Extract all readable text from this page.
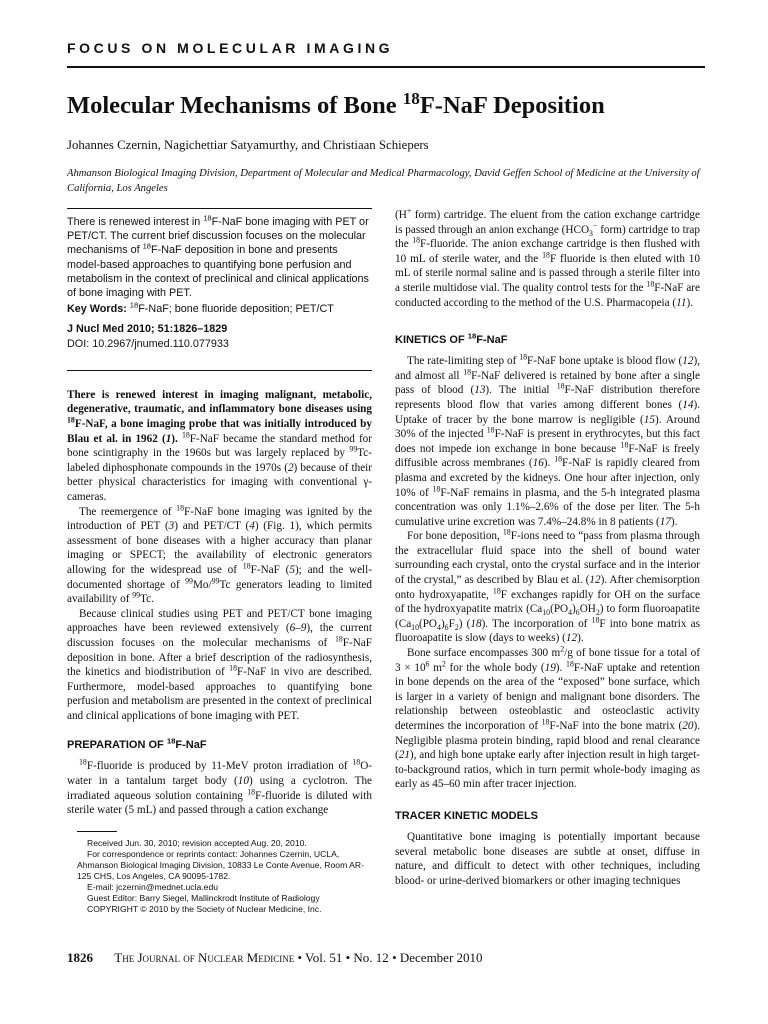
FOCUS ON MOLECULAR IMAGING
Molecular Mechanisms of Bone $^{18}$F-NaF Deposition
Johannes Czernin, Nagichettiar Satyamurthy, and Christiaan Schiepers
Ahmanson Biological Imaging Division, Department of Molecular and Medical Pharmacology, David Geffen School of Medicine at the University of California, Los Angeles

There is renewed interest in $^{18}$F-NaF bone imaging with PET or PET/CT. The current brief discussion focuses on the molecular mechanisms of $^{18}$F-NaF deposition in bone and presents model-based approaches to quantifying bone perfusion and metabolism in the context of preclinical and clinical applications of bone imaging with PET.

Key Words: $^{18}$F-NaF; bone fluoride deposition; PET/CT

J Nucl Med 2010; 51:1826–1829
DOI: 10.2967/jnumed.110.077933

There is renewed interest in imaging malignant, metabolic, degenerative, traumatic, and inflammatory bone diseases using $^{18}$F-NaF, a bone imaging probe that was initially introduced by Blau et al. in 1962 (1). $^{18}$F-NaF became the standard method for bone scintigraphy in the 1960s but was largely replaced by $^{99}$Tc-labeled diphosphonate compounds in the 1970s (2) because of their better physical characteristics for imaging with conventional γ-cameras.

The reemergence of $^{18}$F-NaF bone imaging was ignited by the introduction of PET (3) and PET/CT (4) (Fig. 1), which permits assessment of bone diseases with a higher accuracy than planar imaging or SPECT; the availability of electronic generators allowing for the widespread use of $^{18}$F-NaF (5); and the well-documented shortage of $^{99}$Mo/$^{99}$Tc generators leading to limited availability of $^{99}$Tc.

Because clinical studies using PET and PET/CT bone imaging approaches have been reviewed extensively (6–9), the current discussion focuses on the molecular mechanisms of $^{18}$F-NaF deposition in bone. After a brief description of the radiosynthesis, the kinetics and biodistribution of $^{18}$F-NaF in vivo are described. Furthermore, model-based approaches to quantifying bone perfusion and metabolism are presented in the context of preclinical and clinical applications of bone imaging with PET.

PREPARATION OF $^{18}$F-NaF

$^{18}$F-fluoride is produced by 11-MeV proton irradiation of $^{18}$O-water in a tantalum target body (10) using a cyclotron. The irradiated aqueous solution containing $^{18}$F-fluoride is diluted with sterile water (5 mL) and passed through a cation exchange

Received Jun. 30, 2010; revision accepted Aug. 20, 2010.
For correspondence or reprints contact: Johannes Czernin, UCLA, Ahmanson Biological Imaging Division, 10833 Le Conte Avenue, Room AR-125 CHS, Los Angeles, CA 90095-1782.
E-mail: jczernin@mednet.ucla.edu
Guest Editor: Barry Siegel, Mallinckrodt Institute of Radiology
COPYRIGHT © 2010 by the Society of Nuclear Medicine, Inc.

(H+ form) cartridge. The eluent from the cation exchange cartridge is passed through an anion exchange ($HCO_3^-$ form) cartridge to trap the $^{18}$F-fluoride. The anion exchange cartridge is then flushed with 10 mL of sterile water, and the $^{18}$F fluoride is then eluted with 10 mL of sterile normal saline and is passed through a sterile filter into a sterile multidose vial. The quality control tests for the $^{18}$F-NaF are conducted according to the method of the U.S. Pharmacopeia (11).

KINETICS OF $^{18}$F-NaF

The rate-limiting step of $^{18}$F-NaF bone uptake is blood flow (12), and almost all $^{18}$F-NaF delivered is retained by bone after a single pass of blood (13). The initial $^{18}$F-NaF distribution therefore represents blood flow that varies among different bones (14). Uptake of tracer by the bone marrow is negligible (15). Around 30% of the injected $^{18}$F-NaF is present in erythrocytes, but this fact does not impede ion exchange in bone because $^{18}$F-NaF is freely diffusible across membranes (16). $^{18}$F-NaF is rapidly cleared from plasma and excreted by the kidneys. One hour after injection, only 10% of $^{18}$F-NaF remains in plasma, and the 5-h integrated plasma concentration was only 1.1%–2.6% of the dose per liter. The 5-h cumulative urine excretion was 7.4%–24.8% in 8 patients (17).

For bone deposition, $^{18}$F-ions need to “pass from plasma through the extracellular fluid space into the shell of bound water surrounding each crystal, onto the crystal surface and in the interior of the crystal,” as described by Blau et al. (12). After chemisorption onto hydroxyapatite, $^{18}$F exchanges rapidly for OH on the surface of the hydroxyapatite matrix $(Ca_{10}(PO_4)_6OH_2)$ to form fluoroapatite $(Ca_{10}(PO_4)_6F_2)$ (18). The incorporation of $^{18}$F into bone matrix as fluoroapatite is slow (days to weeks) (12).

Bone surface encompasses 300 $m^2/g$ of bone tissue for a total of $3 \times 10^6$ $m^2$ for the whole body (19). $^{18}$F-NaF uptake and retention in bone depends on the area of the “exposed” bone surface, which is larger in a variety of benign and malignant bone disorders. The relationship between osteoblastic and osteoclastic activity determines the incorporation of $^{18}$F-NaF into the bone matrix (20). Negligible plasma protein binding, rapid blood and renal clearance (21), and high bone uptake early after injection result in high target-to-background ratios, which in turn permit whole-body imaging as early as 45–60 min after tracer injection.

TRACER KINETIC MODELS

Quantitative bone imaging is potentially important because several metabolic bone diseases are subtle at onset, diffuse in nature, and difficult to detect with other techniques, including blood- or urine-derived biomarkers or other imaging techniques

1826 The Journal of Nuclear Medicine • Vol. 51 • No. 12 • December 2010
